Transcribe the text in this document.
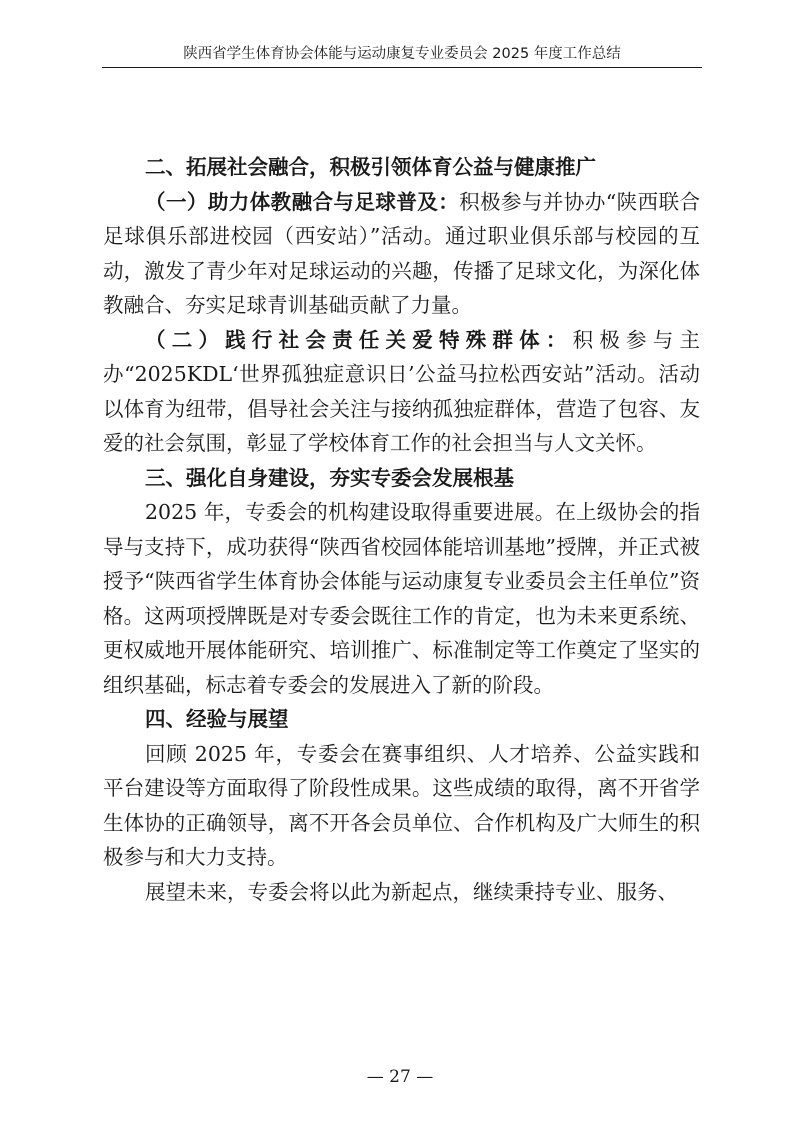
陕西省学生体育协会体能与运动康复专业委员会 2025 年度工作总结

二、拓展社会融合，积极引领体育公益与健康推广

（一）助力体教融合与足球普及：积极参与并协办“陕西联合足球俱乐部进校园（西安站）”活动。通过职业俱乐部与校园的互动，激发了青少年对足球运动的兴趣，传播了足球文化，为深化体教融合、夯实足球青训基础贡献了力量。

（二）践行社会责任关爱特殊群体：积极参与主办“2025KDL‘世界孤独症意识日’公益马拉松西安站”活动。活动以体育为纽带，倡导社会关注与接纳孤独症群体，营造了包容、友爱的社会氛围，彰显了学校体育工作的社会担当与人文关怀。

三、强化自身建设，夯实专委会发展根基

2025 年，专委会的机构建设取得重要进展。在上级协会的指导与支持下，成功获得“陕西省校园体能培训基地”授牌，并正式被授予“陕西省学生体育协会体能与运动康复专业委员会主任单位”资格。这两项授牌既是对专委会既往工作的肯定，也为未来更系统、更权威地开展体能研究、培训推广、标准制定等工作奠定了坚实的组织基础，标志着专委会的发展进入了新的阶段。

四、经验与展望

回顾 2025 年，专委会在赛事组织、人才培养、公益实践和平台建设等方面取得了阶段性成果。这些成绩的取得，离不开省学生体协的正确领导，离不开各会员单位、合作机构及广大师生的积极参与和大力支持。

展望未来，专委会将以此为新起点，继续秉持专业、服务、

— 27 —
